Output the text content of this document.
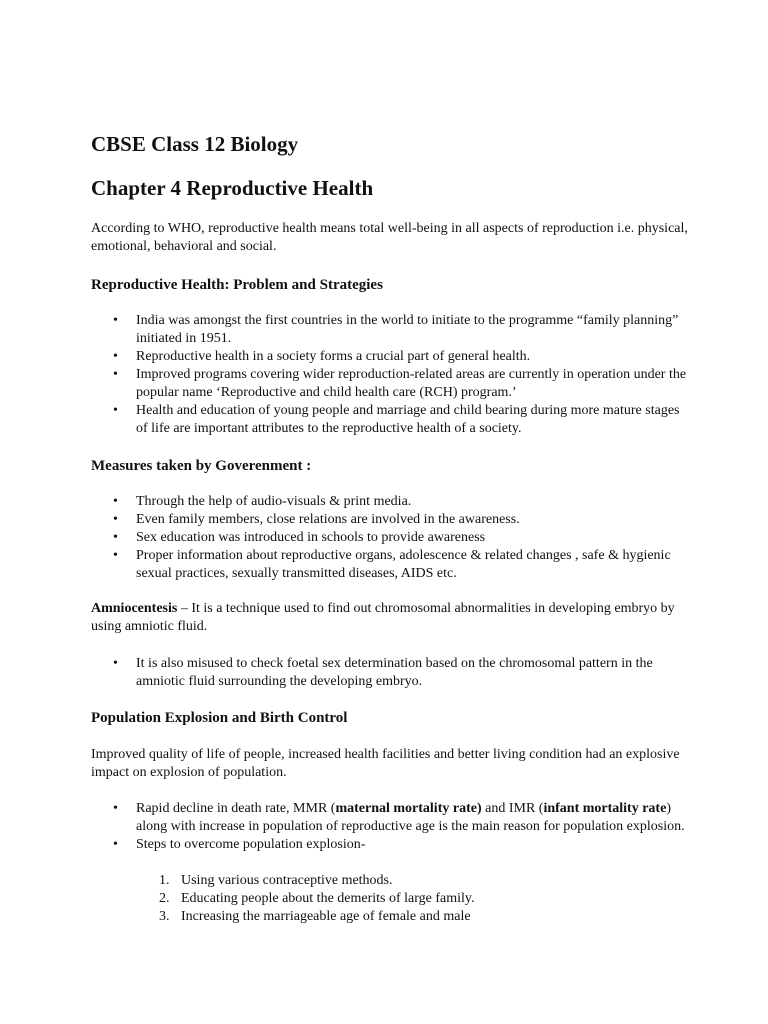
CBSE Class 12 Biology
Chapter 4 Reproductive Health

According to WHO, reproductive health means total well-being in all aspects of reproduction i.e. physical, emotional, behavioral and social.

Reproductive Health: Problem and Strategies
• India was amongst the first countries in the world to initiate to the programme “family planning” initiated in 1951.
• Reproductive health in a society forms a crucial part of general health.
• Improved programs covering wider reproduction-related areas are currently in operation under the popular name ‘Reproductive and child health care (RCH) program.’
• Health and education of young people and marriage and child bearing during more mature stages of life are important attributes to the reproductive health of a society.
Measures taken by Goverenment :
• Through the help of audio-visuals & print media.
• Even family members, close relations are involved in the awareness.
• Sex education was introduced in schools to provide awareness
• Proper information about reproductive organs, adolescence & related changes , safe & hygienic sexual practices, sexually transmitted diseases, AIDS etc.

Amniocentesis – It is a technique used to find out chromosomal abnormalities in developing embryo by using amniotic fluid.

• It is also misused to check foetal sex determination based on the chromosomal pattern in the amniotic fluid surrounding the developing embryo.
Population Explosion and Birth Control

Improved quality of life of people, increased health facilities and better living condition had an explosive impact on explosion of population.

• Rapid decline in death rate, MMR (maternal mortality rate) and IMR (infant mortality rate) along with increase in population of reproductive age is the main reason for population explosion.
• Steps to overcome population explosion-
1. Using various contraceptive methods.
2. Educating people about the demerits of large family.
3. Increasing the marriageable age of female and male
